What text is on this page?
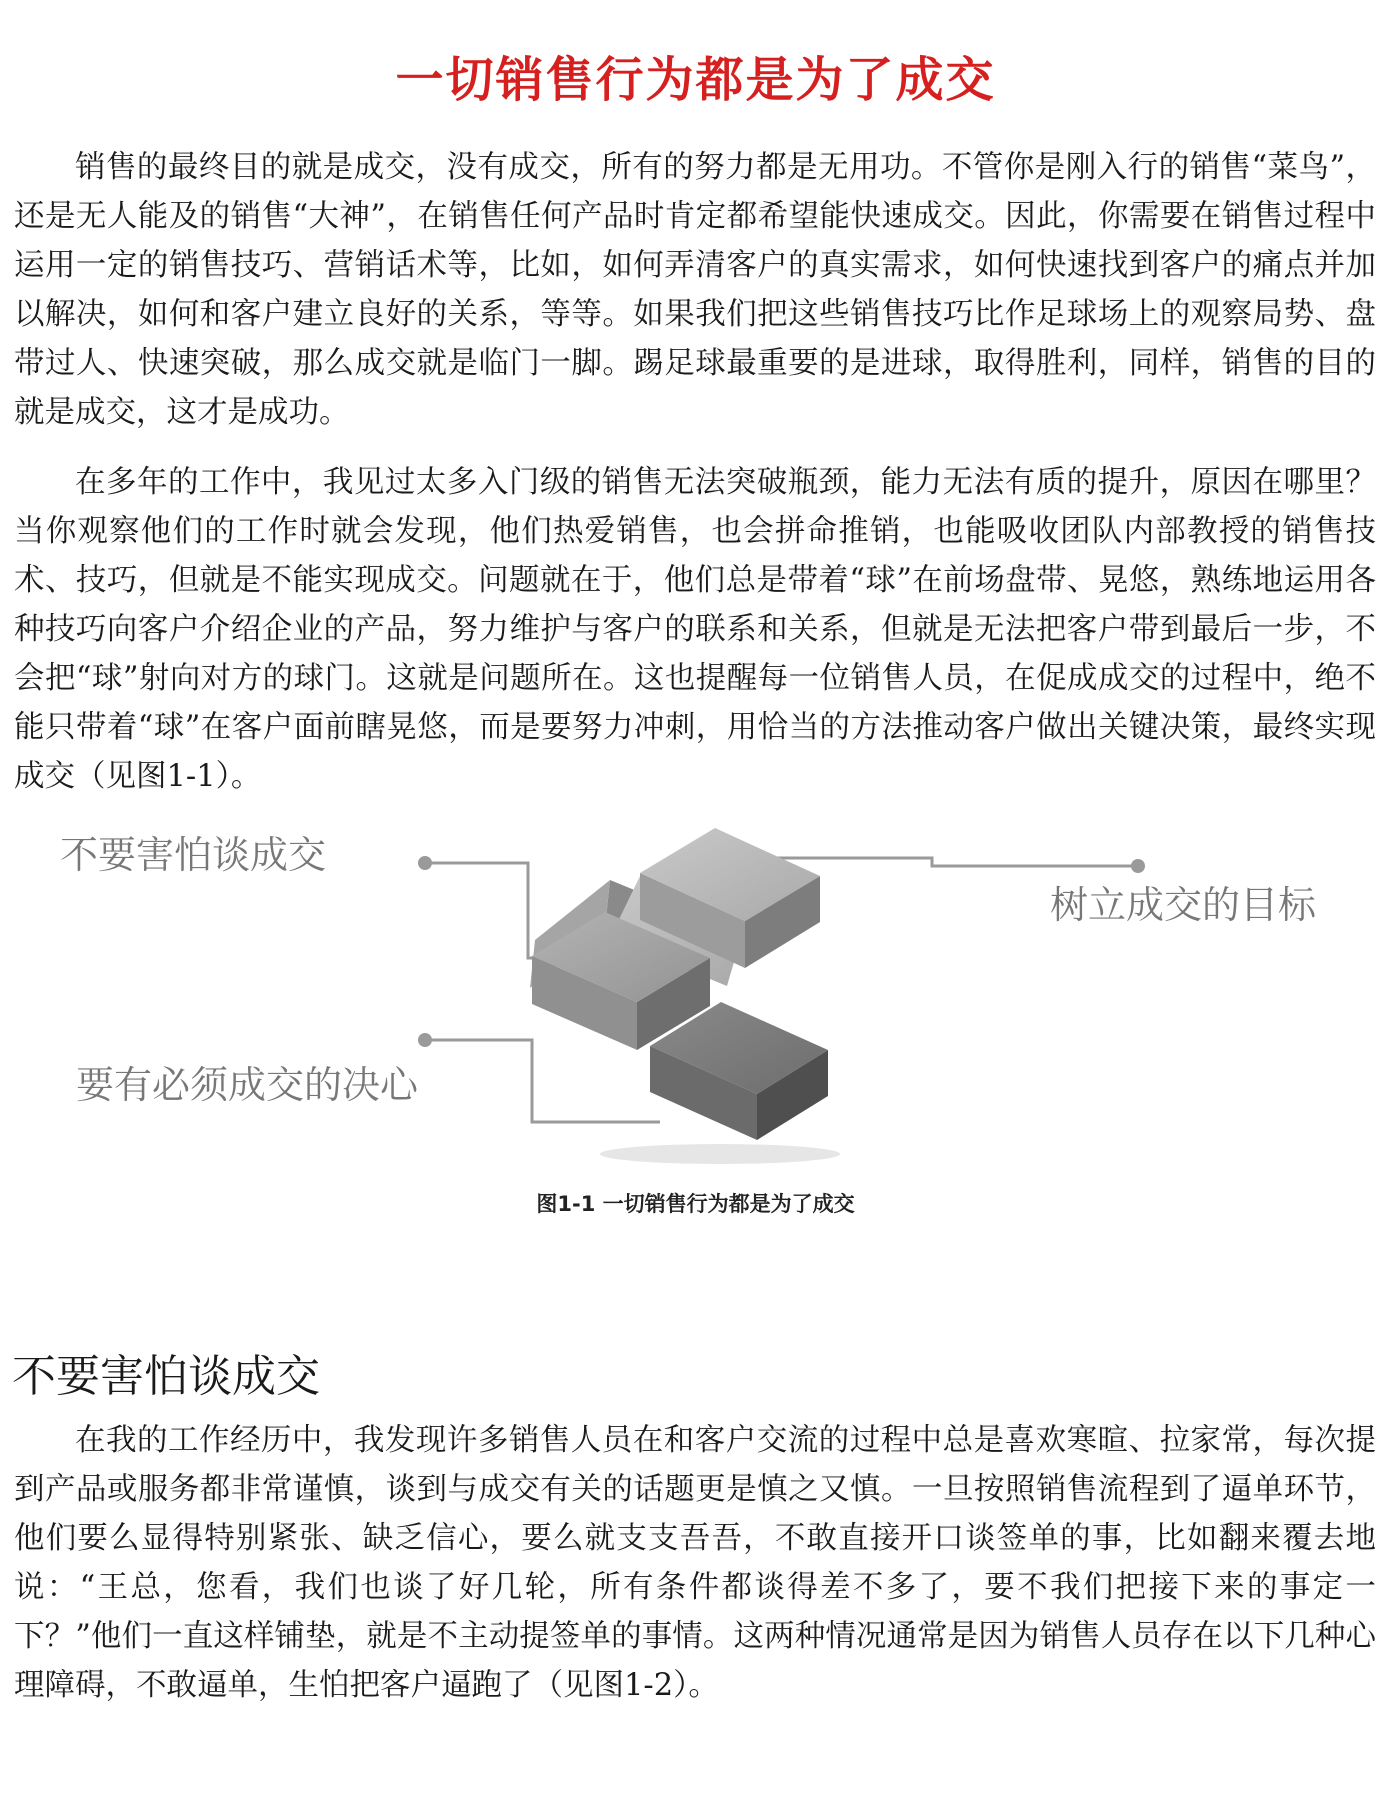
一切销售行为都是为了成交

销售的最终目的就是成交，没有成交，所有的努力都是无用功。不管你是刚入行的销售“菜鸟”，还是无人能及的销售“大神”，在销售任何产品时肯定都希望能快速成交。因此，你需要在销售过程中运用一定的销售技巧、营销话术等，比如，如何弄清客户的真实需求，如何快速找到客户的痛点并加以解决，如何和客户建立良好的关系，等等。如果我们把这些销售技巧比作足球场上的观察局势、盘带过人、快速突破，那么成交就是临门一脚。踢足球最重要的是进球，取得胜利，同样，销售的目的就是成交，这才是成功。

在多年的工作中，我见过太多入门级的销售无法突破瓶颈，能力无法有质的提升，原因在哪里？当你观察他们的工作时就会发现，他们热爱销售，也会拼命推销，也能吸收团队内部教授的销售技术、技巧，但就是不能实现成交。问题就在于，他们总是带着“球”在前场盘带、晃悠，熟练地运用各种技巧向客户介绍企业的产品，努力维护与客户的联系和关系，但就是无法把客户带到最后一步，不会把“球”射向对方的球门。这就是问题所在。这也提醒每一位销售人员，在促成成交的过程中，绝不能只带着“球”在客户面前瞎晃悠，而是要努力冲刺，用恰当的方法推动客户做出关键决策，最终实现成交（见图1-1）。

不要害怕谈成交
树立成交的目标
要有必须成交的决心
图1-1 一切销售行为都是为了成交
不要害怕谈成交

在我的工作经历中，我发现许多销售人员在和客户交流的过程中总是喜欢寒暄、拉家常，每次提到产品或服务都非常谨慎，谈到与成交有关的话题更是慎之又慎。一旦按照销售流程到了逼单环节，他们要么显得特别紧张、缺乏信心，要么就支支吾吾，不敢直接开口谈签单的事，比如翻来覆去地说：“王总，您看，我们也谈了好几轮，所有条件都谈得差不多了，要不我们把接下来的事定一下？”他们一直这样铺垫，就是不主动提签单的事情。这两种情况通常是因为销售人员存在以下几种心理障碍，不敢逼单，生怕把客户逼跑了（见图1-2）。
